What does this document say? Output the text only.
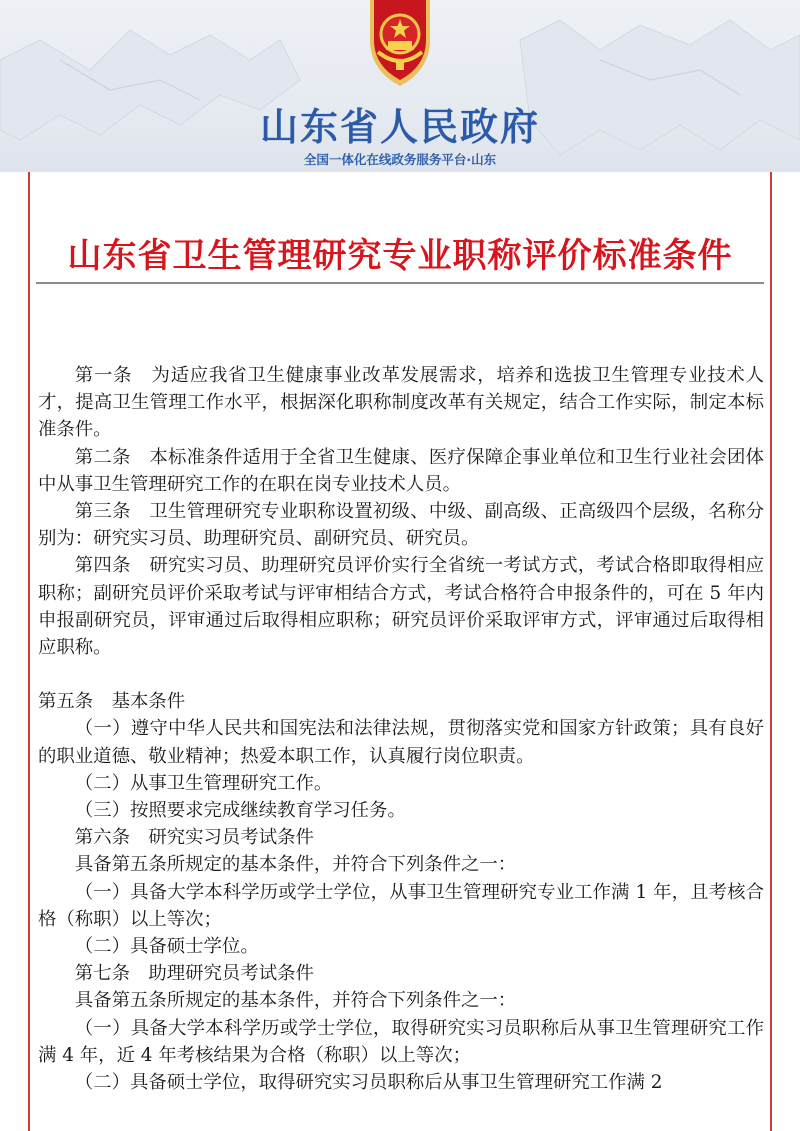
山东省人民政府
全国一体化在线政务服务平台·山东
山东省卫生管理研究专业职称评价标准条件

第一条　为适应我省卫生健康事业改革发展需求，培养和选拔卫生管理专业技术人才，提高卫生管理工作水平，根据深化职称制度改革有关规定，结合工作实际，制定本标准条件。

第二条　本标准条件适用于全省卫生健康、医疗保障企事业单位和卫生行业社会团体中从事卫生管理研究工作的在职在岗专业技术人员。

第三条　卫生管理研究专业职称设置初级、中级、副高级、正高级四个层级，名称分别为：研究实习员、助理研究员、副研究员、研究员。

第四条　研究实习员、助理研究员评价实行全省统一考试方式，考试合格即取得相应职称；副研究员评价采取考试与评审相结合方式，考试合格符合申报条件的，可在 5 年内申报副研究员，评审通过后取得相应职称；研究员评价采取评审方式，评审通过后取得相应职称。

第五条　基本条件

（一）遵守中华人民共和国宪法和法律法规，贯彻落实党和国家方针政策；具有良好的职业道德、敬业精神；热爱本职工作，认真履行岗位职责。

（二）从事卫生管理研究工作。

（三）按照要求完成继续教育学习任务。

第六条　研究实习员考试条件

具备第五条所规定的基本条件，并符合下列条件之一：

（一）具备大学本科学历或学士学位，从事卫生管理研究专业工作满 1 年，且考核合格（称职）以上等次；

（二）具备硕士学位。

第七条　助理研究员考试条件

具备第五条所规定的基本条件，并符合下列条件之一：

（一）具备大学本科学历或学士学位，取得研究实习员职称后从事卫生管理研究工作满 4 年，近 4 年考核结果为合格（称职）以上等次；

（二）具备硕士学位，取得研究实习员职称后从事卫生管理研究工作满 2
